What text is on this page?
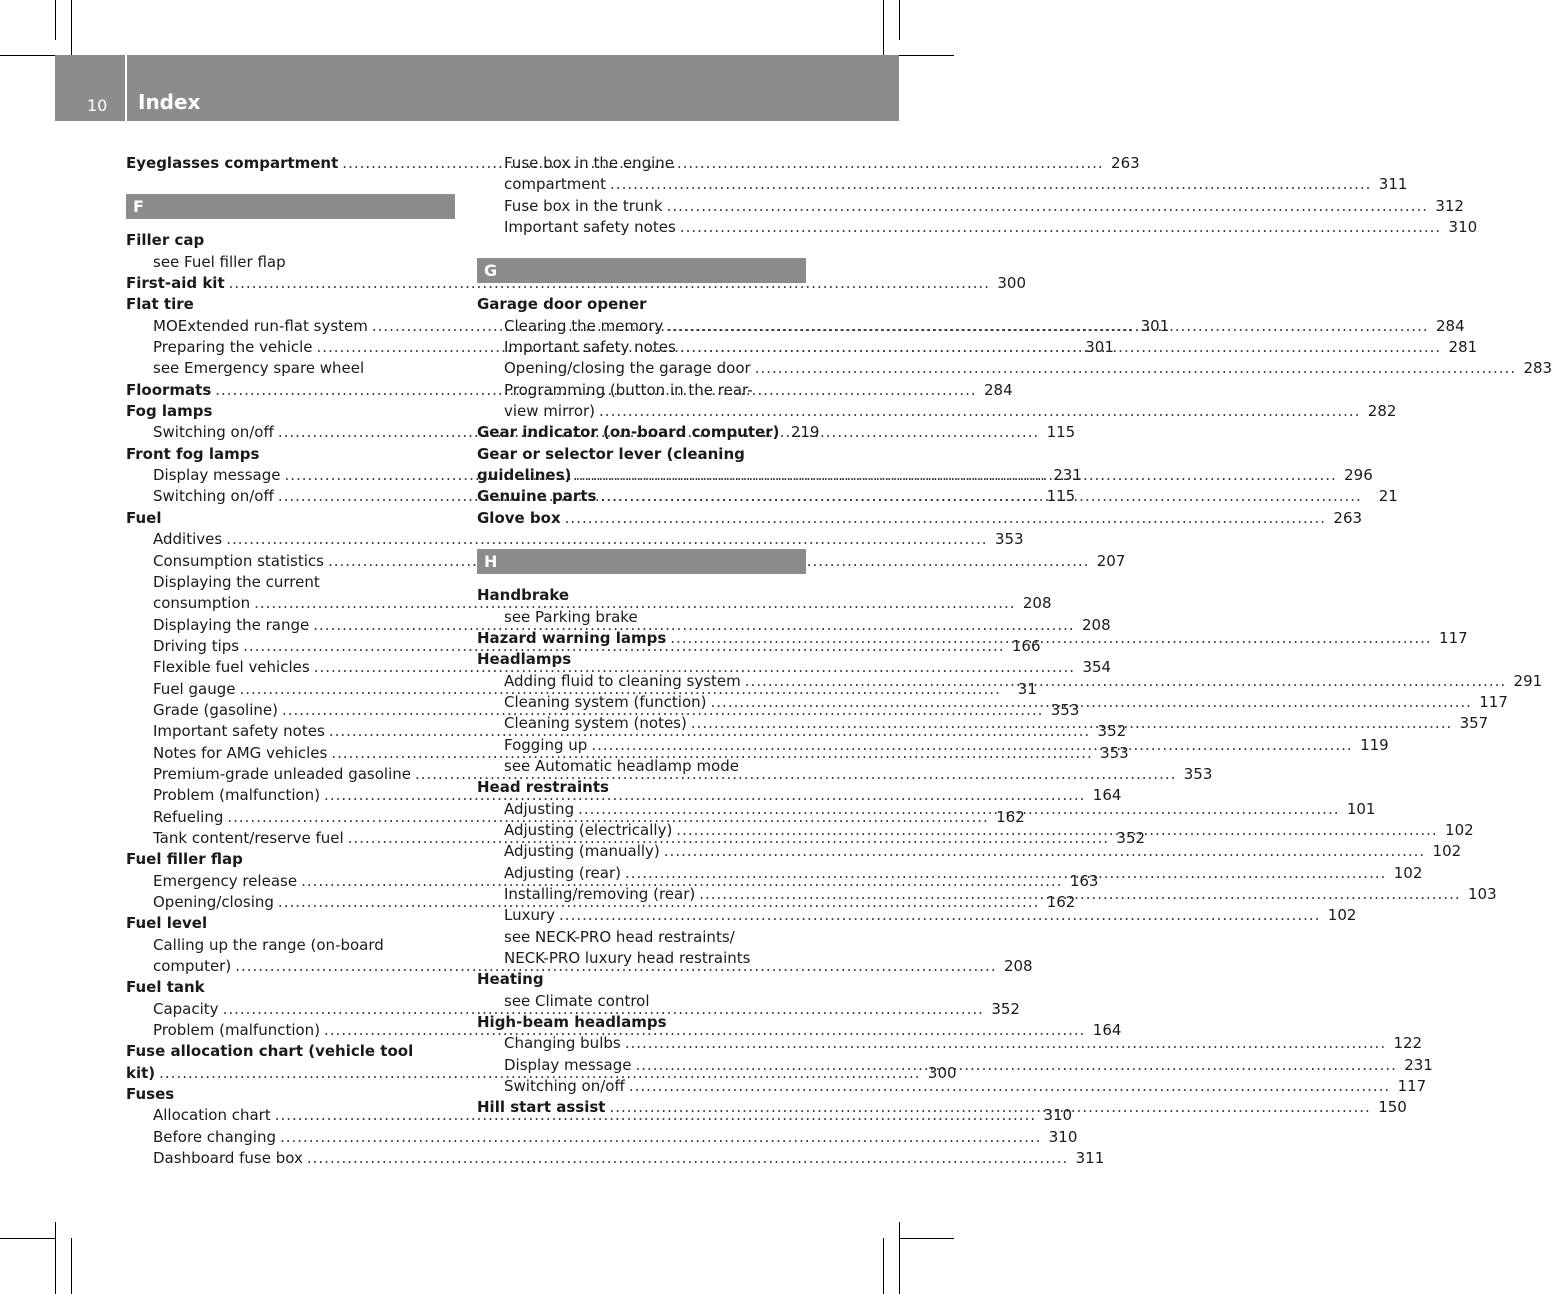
10 Index
Eyeglasses compartment .....	263
F
Filler cap
see Fuel filler flap
First-aid kit .....	300
Flat tire
MOExtended run-flat system .....	301
Preparing the vehicle .....	301
see Emergency spare wheel
Floormats .....	284
Fog lamps
Switching on/off .....	115
Front fog lamps
Display message .....	231
Switching on/off .....	115
Fuel
Additives .....	353
Consumption statistics .....	207
Displaying the current
consumption .....	208
Displaying the range .....	208
Driving tips .....	166
Flexible fuel vehicles .....	354
Fuel gauge .....	31
Grade (gasoline) .....	353
Important safety notes .....	352
Notes for AMG vehicles .....	353
Premium-grade unleaded gasoline .....	353
Problem (malfunction) .....	164
Refueling .....	162
Tank content/reserve fuel .....	352
Fuel filler flap
Emergency release .....	163
Opening/closing .....	162
Fuel level
Calling up the range (on-board
computer) .....	208
Fuel tank
Capacity .....	352
Problem (malfunction) .....	164
Fuse allocation chart (vehicle tool
kit) .....	300
Fuses
Allocation chart .....	310
Before changing .....	310
Dashboard fuse box .....	311
Fuse box in the engine
compartment .....	311
Fuse box in the trunk .....	312
Important safety notes .....	310
G
Garage door opener
Clearing the memory .....	284
Important safety notes .....	281
Opening/closing the garage door .....	283
Programming (button in the rear-
view mirror) .....	282
Gear indicator (on-board computer) 219
Gear or selector lever (cleaning
guidelines) .....	296
Genuine parts .....	21
Glove box .....	263
H
Handbrake
see Parking brake
Hazard warning lamps .....	117
Headlamps
Adding fluid to cleaning system .....	291
Cleaning system (function) .....	117
Cleaning system (notes) .....	357
Fogging up .....	119
see Automatic headlamp mode
Head restraints
Adjusting .....	101
Adjusting (electrically) .....	102
Adjusting (manually) .....	102
Adjusting (rear) .....	102
Installing/removing (rear) .....	103
Luxury .....	102
see NECK-PRO head restraints/
NECK-PRO luxury head restraints
Heating
see Climate control
High-beam headlamps
Changing bulbs .....	122
Display message .....	231
Switching on/off .....	117
Hill start assist .....	150
